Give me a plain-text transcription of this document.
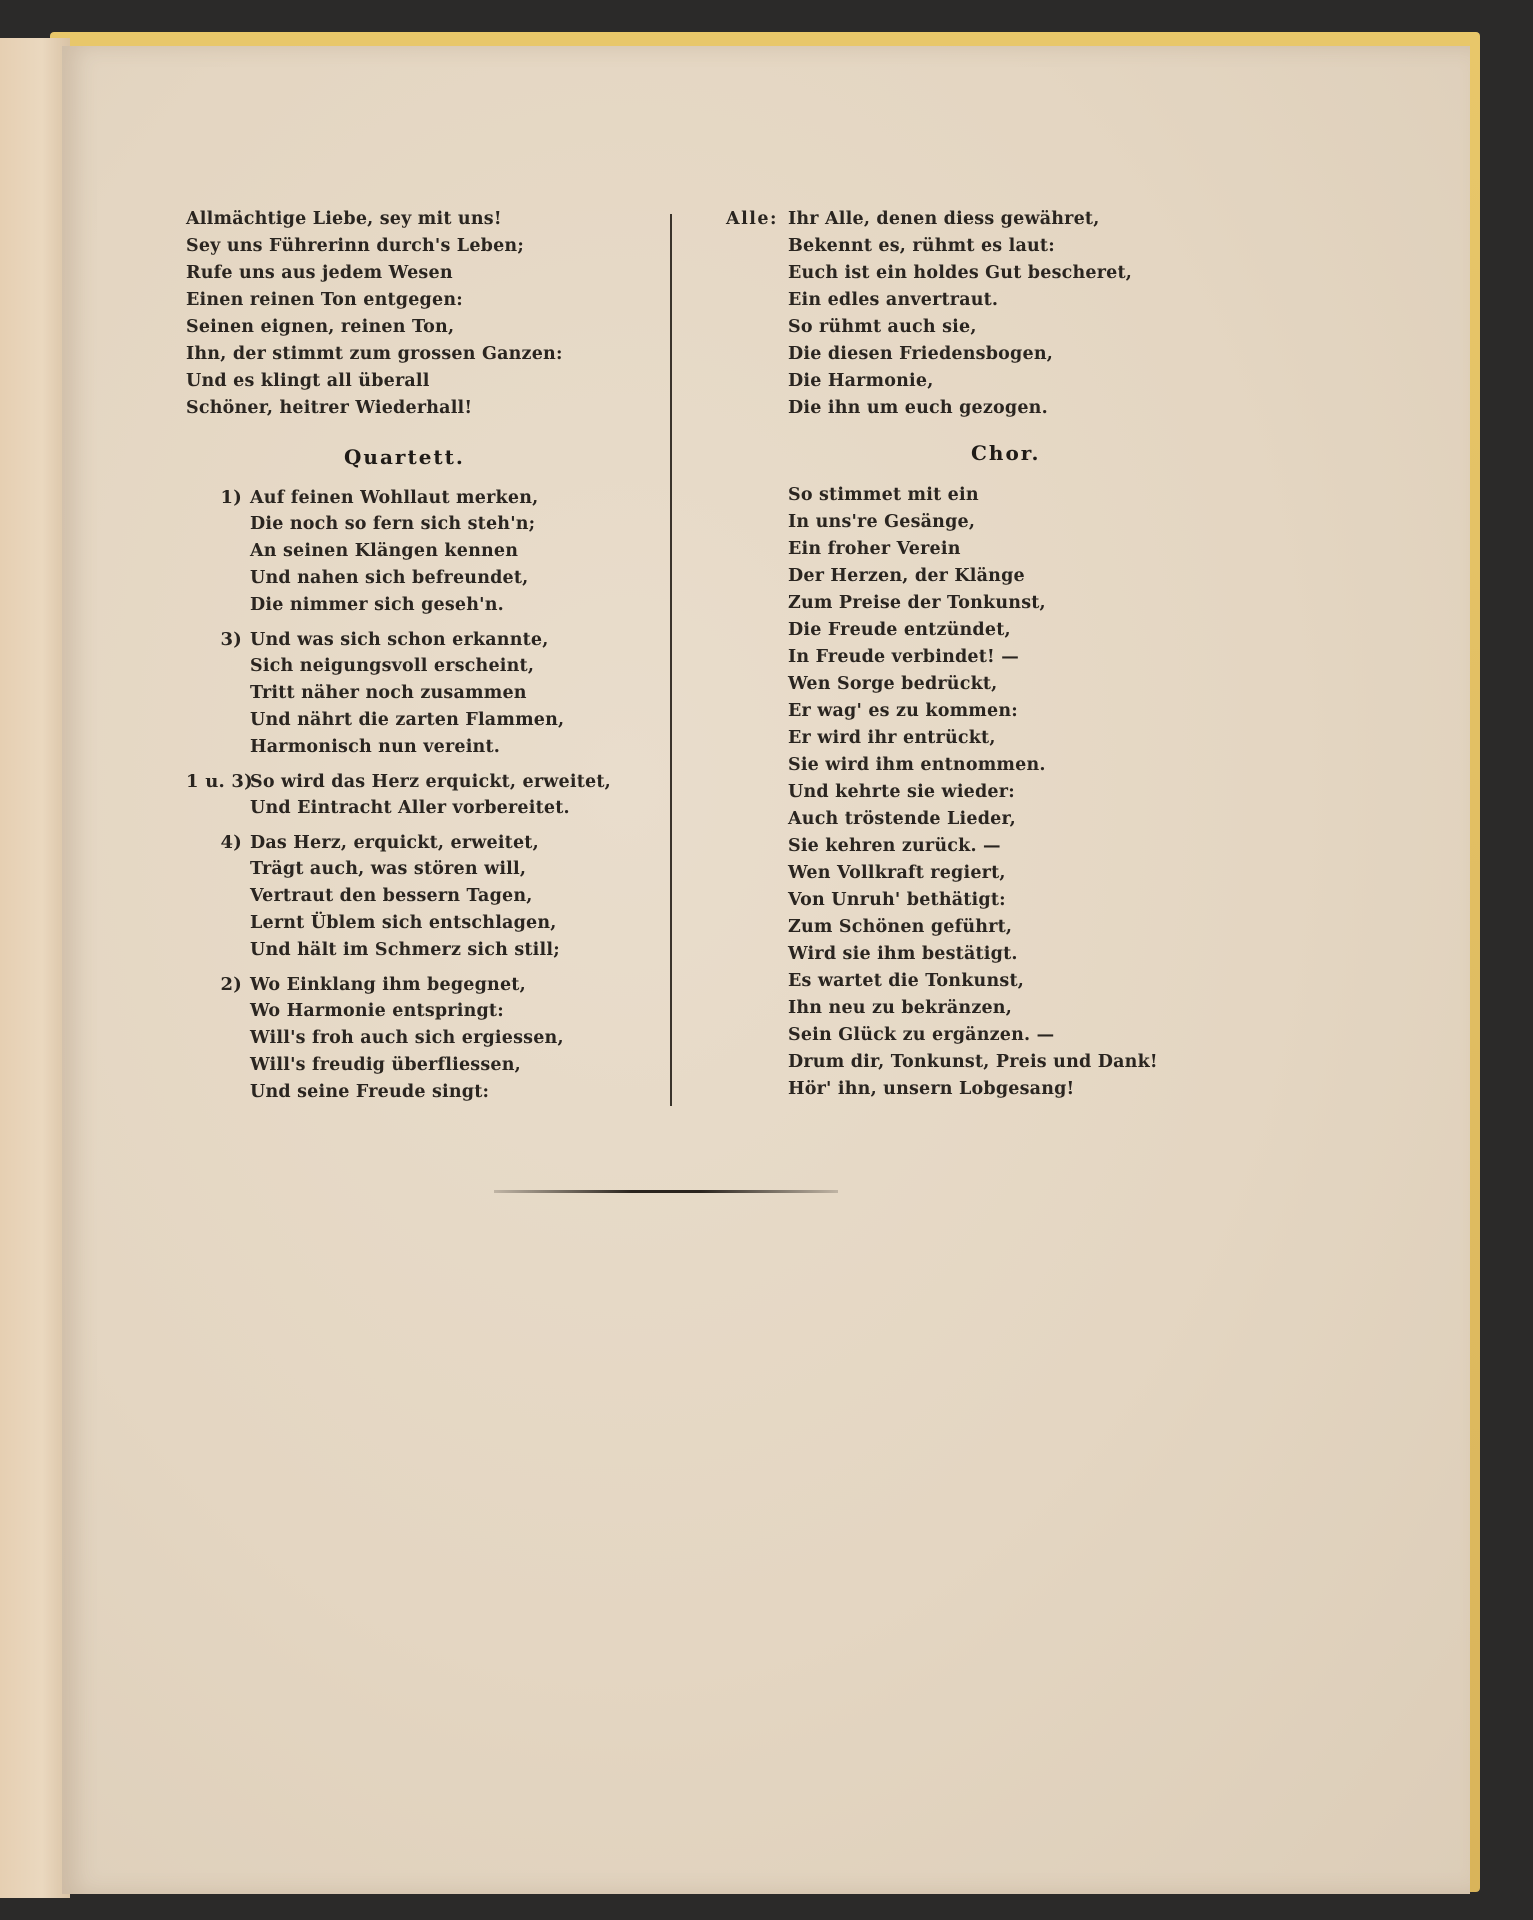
Allmächtige Liebe, sey mit uns!
Sey uns Führerinn durch's Leben;
Rufe uns aus jedem Wesen
Einen reinen Ton entgegen:
Seinen eignen, reinen Ton,
Ihn, der stimmt zum grossen Ganzen:
Und es klingt all überall
Schöner, heitrer Wiederhall!
Quartett.
1) Auf feinen Wohllaut merken,
Die noch so fern sich steh'n;
An seinen Klängen kennen
Und nahen sich befreundet,
Die nimmer sich geseh'n.
3) Und was sich schon erkannte,
Sich neigungsvoll erscheint,
Tritt näher noch zusammen
Und nährt die zarten Flammen,
Harmonisch nun vereint.
1 u. 3)So wird das Herz erquickt, erweitet,
Und Eintracht Aller vorbereitet.
4) Das Herz, erquickt, erweitet,
Trägt auch, was stören will,
Vertraut den bessern Tagen,
Lernt Üblem sich entschlagen,
Und hält im Schmerz sich still;
2) Wo Einklang ihm begegnet,
Wo Harmonie entspringt:
Will's froh auch sich ergiessen,
Will's freudig überfliessen,
Und seine Freude singt:
Alle: Ihr Alle, denen diess gewähret,
Bekennt es, rühmt es laut:
Euch ist ein holdes Gut bescheret,
Ein edles anvertraut.
So rühmt auch sie,
Die diesen Friedensbogen,
Die Harmonie,
Die ihn um euch gezogen.
Chor.
So stimmet mit ein
In uns're Gesänge,
Ein froher Verein
Der Herzen, der Klänge
Zum Preise der Tonkunst,
Die Freude entzündet,
In Freude verbindet! —
Wen Sorge bedrückt,
Er wag' es zu kommen:
Er wird ihr entrückt,
Sie wird ihm entnommen.
Und kehrte sie wieder:
Auch tröstende Lieder,
Sie kehren zurück. —
Wen Vollkraft regiert,
Von Unruh' bethätigt:
Zum Schönen geführt,
Wird sie ihm bestätigt.
Es wartet die Tonkunst,
Ihn neu zu bekränzen,
Sein Glück zu ergänzen. —
Drum dir, Tonkunst, Preis und Dank!
Hör' ihn, unsern Lobgesang!
